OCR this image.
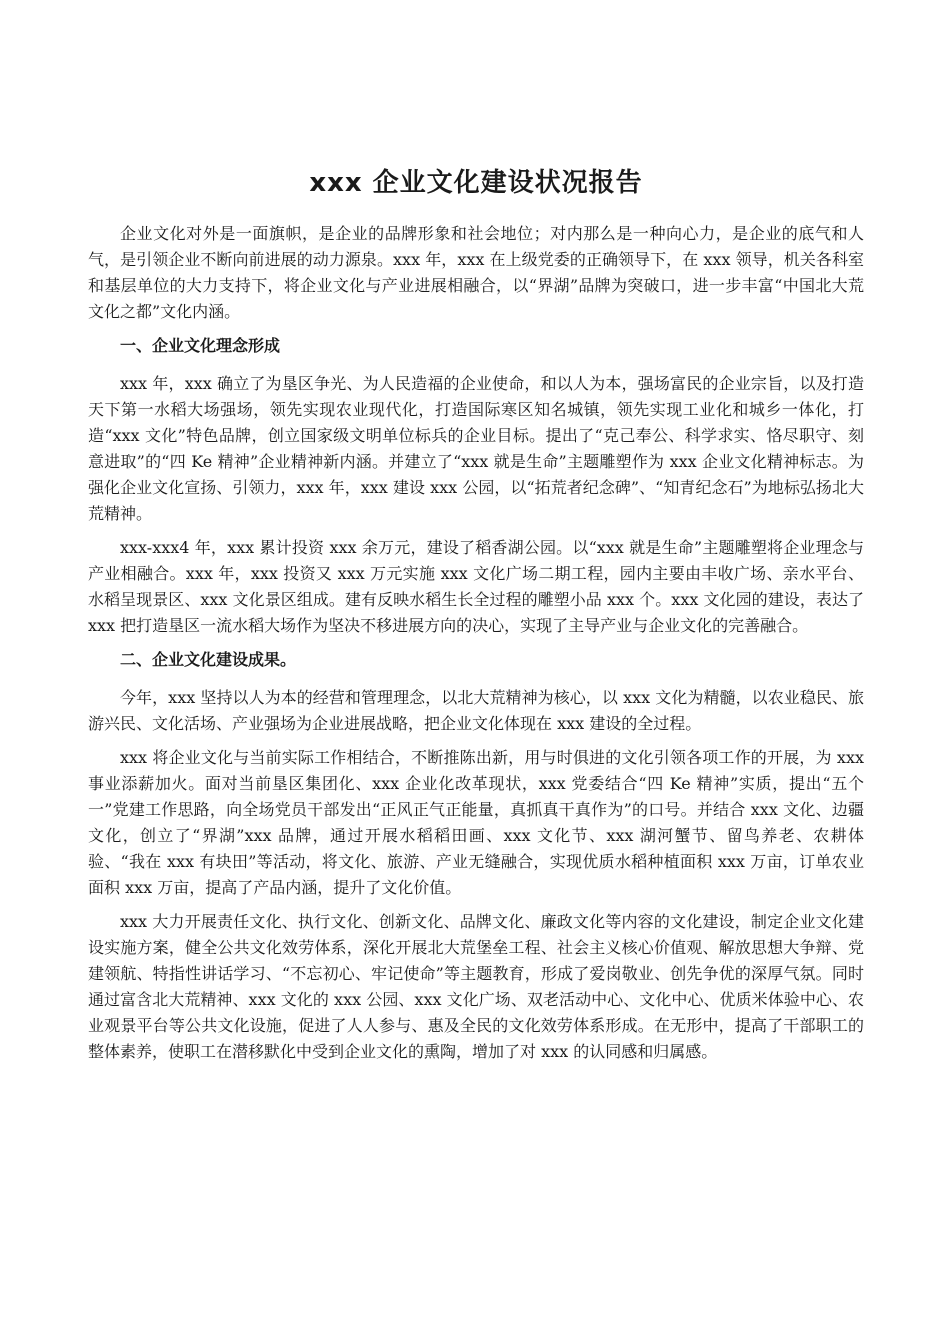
xxx 企业文化建设状况报告

企业文化对外是一面旗帜，是企业的品牌形象和社会地位；对内那么是一种向心力，是企业的底气和人气，是引领企业不断向前进展的动力源泉。xxx 年，xxx 在上级党委的正确领导下，在 xxx 领导，机关各科室和基层单位的大力支持下，将企业文化与产业进展相融合，以“界湖”品牌为突破口，进一步丰富“中国北大荒文化之都”文化内涵。

一、企业文化理念形成

xxx 年，xxx 确立了为垦区争光、为人民造福的企业使命，和以人为本，强场富民的企业宗旨，以及打造天下第一水稻大场强场，领先实现农业现代化，打造国际寒区知名城镇，领先实现工业化和城乡一体化，打造“xxx 文化”特色品牌，创立国家级文明单位标兵的企业目标。提出了“克己奉公、科学求实、恪尽职守、刻意进取”的“四 Ke 精神”企业精神新内涵。并建立了“xxx 就是生命”主题雕塑作为 xxx 企业文化精神标志。为强化企业文化宣扬、引领力，xxx 年，xxx 建设 xxx 公园，以“拓荒者纪念碑”、“知青纪念石”为地标弘扬北大荒精神。

xxx-xxx4 年，xxx 累计投资 xxx 余万元，建设了稻香湖公园。以“xxx 就是生命”主题雕塑将企业理念与产业相融合。xxx 年，xxx 投资又 xxx 万元实施 xxx 文化广场二期工程，园内主要由丰收广场、亲水平台、水稻呈现景区、xxx 文化景区组成。建有反映水稻生长全过程的雕塑小品 xxx 个。xxx 文化园的建设，表达了 xxx 把打造垦区一流水稻大场作为坚决不移进展方向的决心，实现了主导产业与企业文化的完善融合。

二、企业文化建设成果。

今年，xxx 坚持以人为本的经营和管理理念，以北大荒精神为核心，以 xxx 文化为精髓，以农业稳民、旅游兴民、文化活场、产业强场为企业进展战略，把企业文化体现在 xxx 建设的全过程。

xxx 将企业文化与当前实际工作相结合，不断推陈出新，用与时俱进的文化引领各项工作的开展，为 xxx 事业添薪加火。面对当前垦区集团化、xxx 企业化改革现状，xxx 党委结合“四 Ke 精神”实质，提出“五个一”党建工作思路，向全场党员干部发出“正风正气正能量，真抓真干真作为”的口号。并结合 xxx 文化、边疆文化，创立了“界湖”xxx 品牌，通过开展水稻稻田画、xxx 文化节、xxx 湖河蟹节、留鸟养老、农耕体验、“我在 xxx 有块田”等活动，将文化、旅游、产业无缝融合，实现优质水稻种植面积 xxx 万亩，订单农业面积 xxx 万亩，提高了产品内涵，提升了文化价值。

xxx 大力开展责任文化、执行文化、创新文化、品牌文化、廉政文化等内容的文化建设，制定企业文化建设实施方案，健全公共文化效劳体系，深化开展北大荒堡垒工程、社会主义核心价值观、解放思想大争辩、党建领航、特指性讲话学习、“不忘初心、牢记使命”等主题教育，形成了爱岗敬业、创先争优的深厚气氛。同时通过富含北大荒精神、xxx 文化的 xxx 公园、xxx 文化广场、双老活动中心、文化中心、优质米体验中心、农业观景平台等公共文化设施，促进了人人参与、惠及全民的文化效劳体系形成。在无形中，提高了干部职工的整体素养，使职工在潜移默化中受到企业文化的熏陶，增加了对 xxx 的认同感和归属感。
